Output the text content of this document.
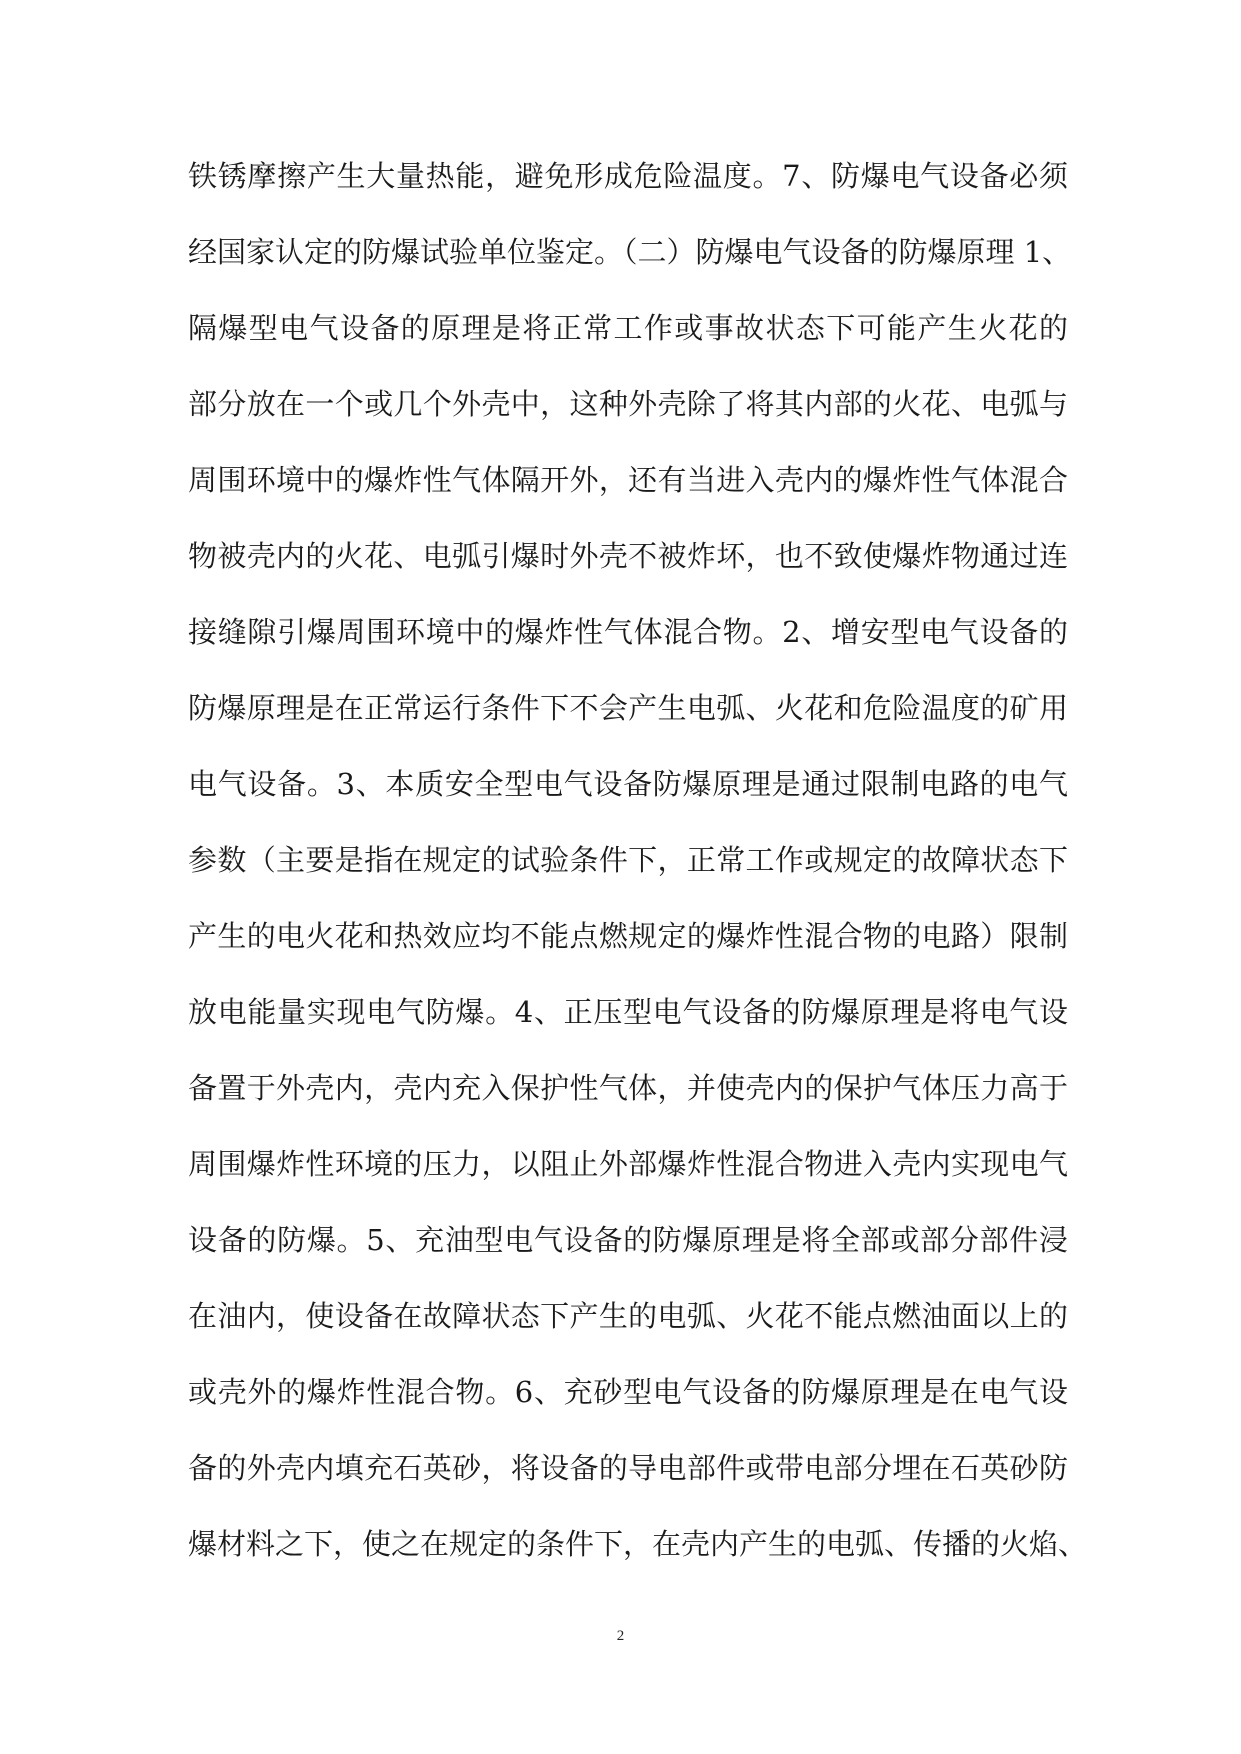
铁锈摩擦产生大量热能，避免形成危险温度。7、防爆电气设备必须
经国家认定的防爆试验单位鉴定。（二）防爆电气设备的防爆原理 1、
隔爆型电气设备的原理是将正常工作或事故状态下可能产生火花的
部分放在一个或几个外壳中，这种外壳除了将其内部的火花、电弧与
周围环境中的爆炸性气体隔开外，还有当进入壳内的爆炸性气体混合
物被壳内的火花、电弧引爆时外壳不被炸坏，也不致使爆炸物通过连
接缝隙引爆周围环境中的爆炸性气体混合物。2、增安型电气设备的
防爆原理是在正常运行条件下不会产生电弧、火花和危险温度的矿用
电气设备。3、本质安全型电气设备防爆原理是通过限制电路的电气
参数（主要是指在规定的试验条件下，正常工作或规定的故障状态下
产生的电火花和热效应均不能点燃规定的爆炸性混合物的电路）限制
放电能量实现电气防爆。4、正压型电气设备的防爆原理是将电气设
备置于外壳内，壳内充入保护性气体，并使壳内的保护气体压力高于
周围爆炸性环境的压力，以阻止外部爆炸性混合物进入壳内实现电气
设备的防爆。5、充油型电气设备的防爆原理是将全部或部分部件浸
在油内，使设备在故障状态下产生的电弧、火花不能点燃油面以上的
或壳外的爆炸性混合物。6、充砂型电气设备的防爆原理是在电气设
备的外壳内填充石英砂，将设备的导电部件或带电部分埋在石英砂防
爆材料之下，使之在规定的条件下，在壳内产生的电弧、传播的火焰、
2
